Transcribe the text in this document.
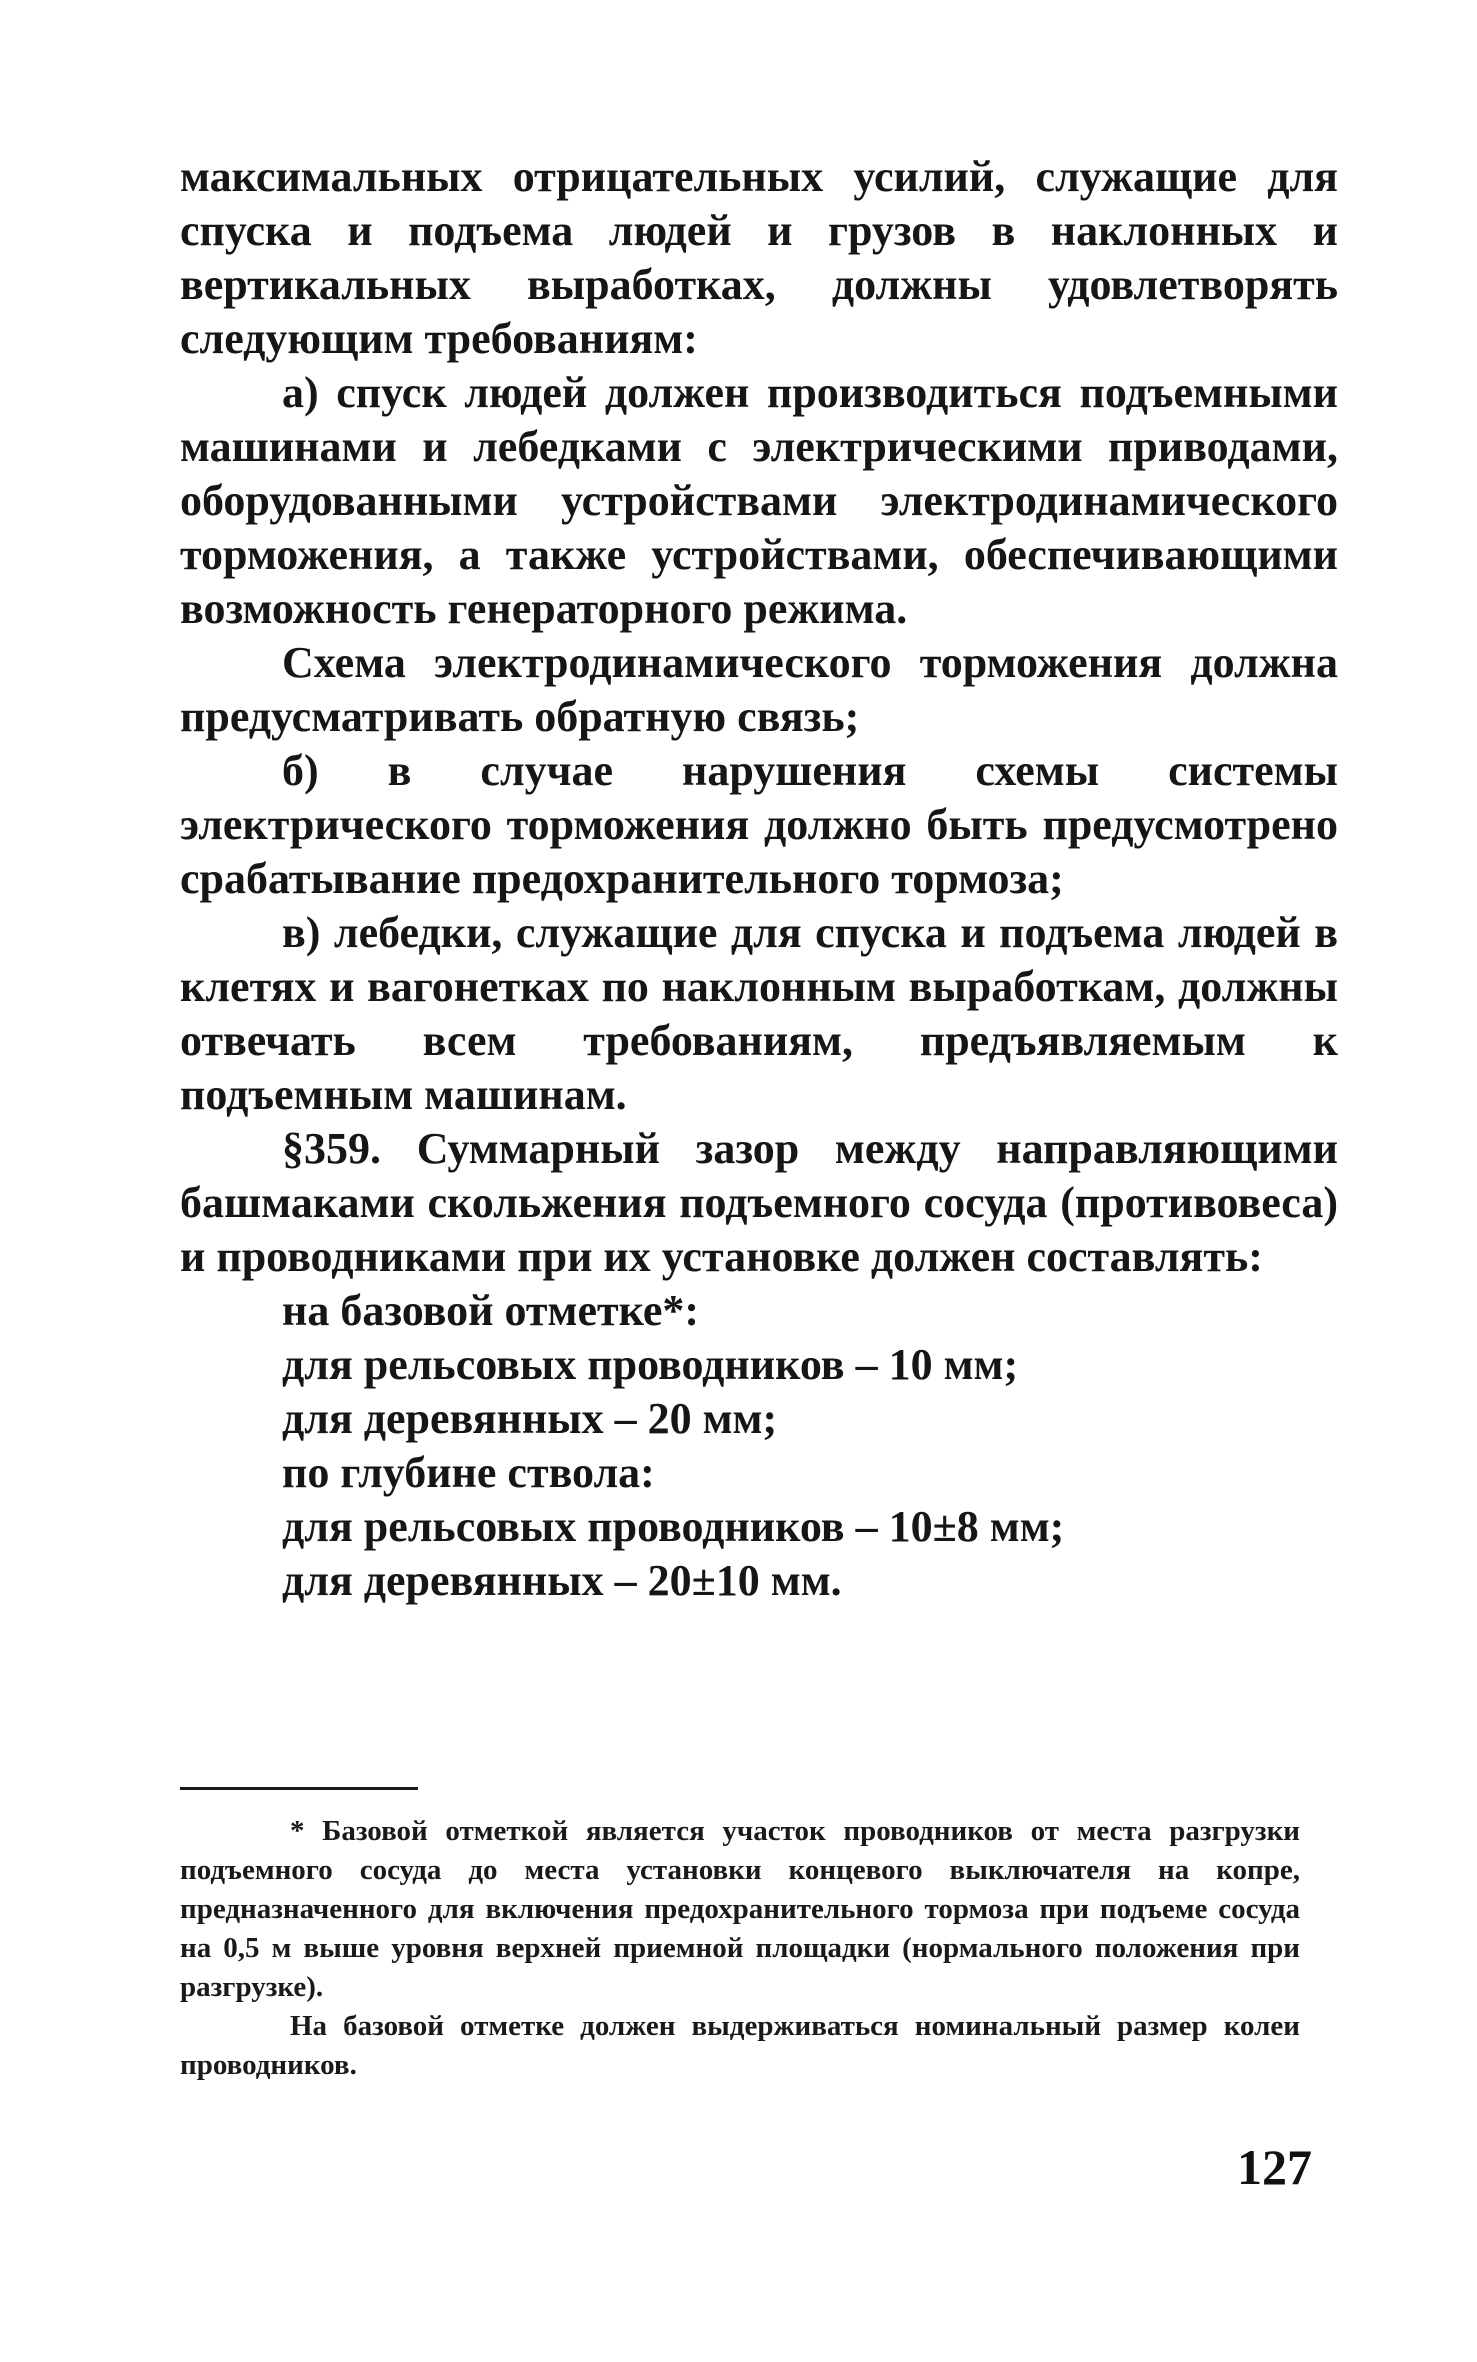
максимальных отрицательных усилий, служащие для спуска и подъема людей и грузов в наклонных и вертикальных выработках, должны удовлетворять следующим требованиям:

а) спуск людей должен производиться подъемными машинами и лебедками с электрическими приводами, оборудованными устройствами электродинамического торможения, а также устройствами, обеспечивающими возможность генераторного режима.

Схема электродинамического торможения должна предусматривать обратную связь;

б) в случае нарушения схемы системы электрического торможения должно быть предусмотрено срабатывание предохранительного тормоза;

в) лебедки, служащие для спуска и подъема людей в клетях и вагонетках по наклонным выработкам, должны отвечать всем требованиям, предъявляемым к подъемным машинам.

§359. Суммарный зазор между направляющими башмаками скольжения подъемного сосуда (противовеса) и проводниками при их установке должен составлять:

на базовой отметке*:

для рельсовых проводников – 10 мм;

для деревянных – 20 мм;

по глубине ствола:

для рельсовых проводников – 10±8 мм;

для деревянных – 20±10 мм.

* Базовой отметкой является участок проводников от места разгрузки подъемного сосуда до места установки концевого выключателя на копре, предназначенного для включения предохранительного тормоза при подъеме сосуда на 0,5 м выше уровня верхней приемной площадки (нормального положения при разгрузке).

На базовой отметке должен выдерживаться номинальный размер колеи проводников.

127
